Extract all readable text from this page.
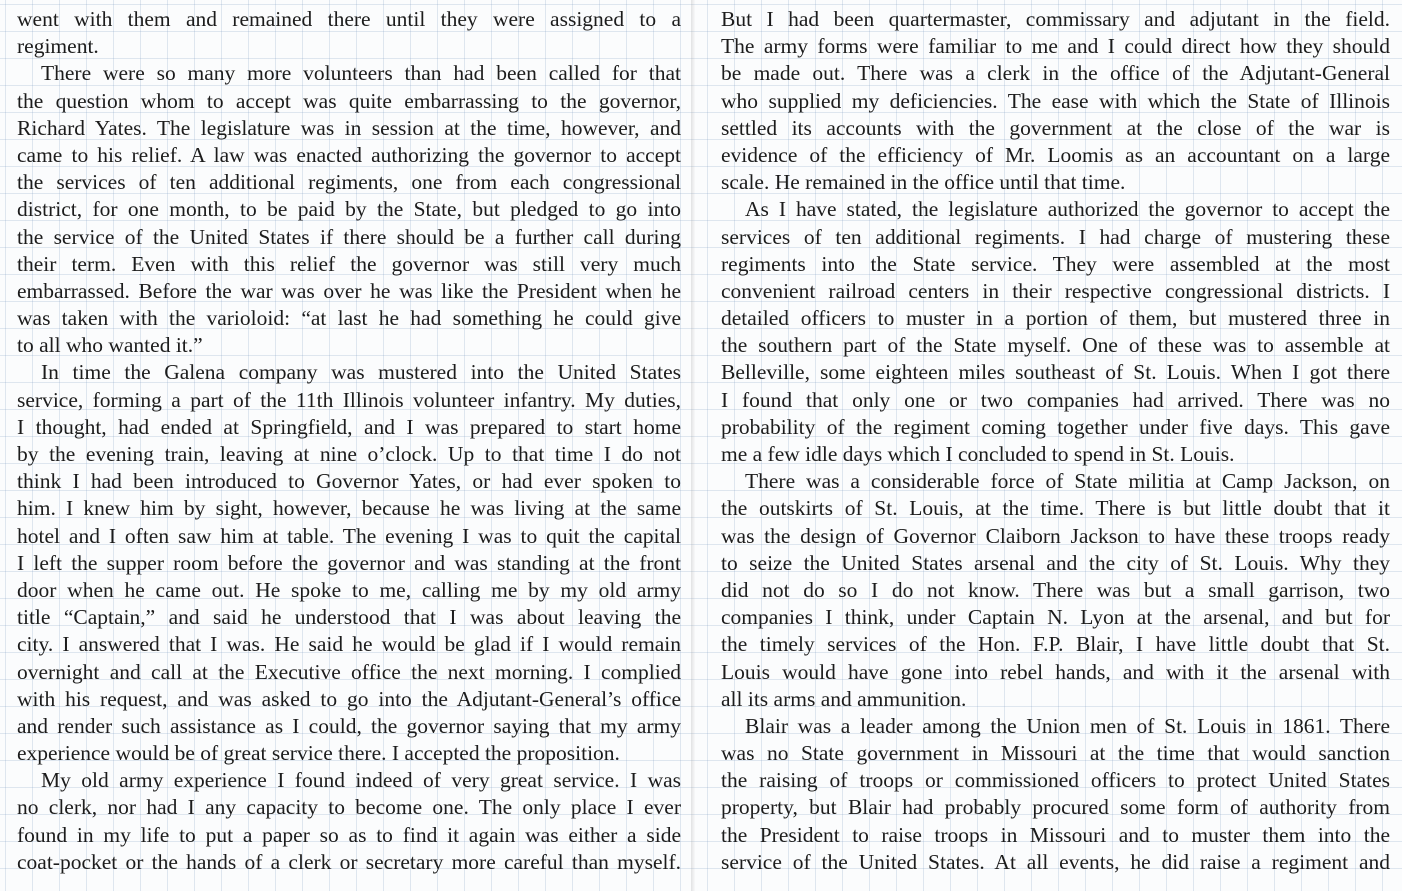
went with them and remained there until they were assigned to a
regiment.
There were so many more volunteers than had been called for that
the question whom to accept was quite embarrassing to the governor,
Richard Yates. The legislature was in session at the time, however, and
came to his relief. A law was enacted authorizing the governor to accept
the services of ten additional regiments, one from each congressional
district, for one month, to be paid by the State, but pledged to go into
the service of the United States if there should be a further call during
their term. Even with this relief the governor was still very much
embarrassed. Before the war was over he was like the President when he
was taken with the varioloid: “at last he had something he could give
to all who wanted it.”
In time the Galena company was mustered into the United States
service, forming a part of the 11th Illinois volunteer infantry. My duties,
I thought, had ended at Springfield, and I was prepared to start home
by the evening train, leaving at nine o’clock. Up to that time I do not
think I had been introduced to Governor Yates, or had ever spoken to
him. I knew him by sight, however, because he was living at the same
hotel and I often saw him at table. The evening I was to quit the capital
I left the supper room before the governor and was standing at the front
door when he came out. He spoke to me, calling me by my old army
title “Captain,” and said he understood that I was about leaving the
city. I answered that I was. He said he would be glad if I would remain
overnight and call at the Executive office the next morning. I complied
with his request, and was asked to go into the Adjutant-General’s office
and render such assistance as I could, the governor saying that my army
experience would be of great service there. I accepted the proposition.
My old army experience I found indeed of very great service. I was
no clerk, nor had I any capacity to become one. The only place I ever
found in my life to put a paper so as to find it again was either a side
coat-pocket or the hands of a clerk or secretary more careful than myself.
But I had been quartermaster, commissary and adjutant in the field.
The army forms were familiar to me and I could direct how they should
be made out. There was a clerk in the office of the Adjutant-General
who supplied my deficiencies. The ease with which the State of Illinois
settled its accounts with the government at the close of the war is
evidence of the efficiency of Mr. Loomis as an accountant on a large
scale. He remained in the office until that time.
As I have stated, the legislature authorized the governor to accept the
services of ten additional regiments. I had charge of mustering these
regiments into the State service. They were assembled at the most
convenient railroad centers in their respective congressional districts. I
detailed officers to muster in a portion of them, but mustered three in
the southern part of the State myself. One of these was to assemble at
Belleville, some eighteen miles southeast of St. Louis. When I got there
I found that only one or two companies had arrived. There was no
probability of the regiment coming together under five days. This gave
me a few idle days which I concluded to spend in St. Louis.
There was a considerable force of State militia at Camp Jackson, on
the outskirts of St. Louis, at the time. There is but little doubt that it
was the design of Governor Claiborn Jackson to have these troops ready
to seize the United States arsenal and the city of St. Louis. Why they
did not do so I do not know. There was but a small garrison, two
companies I think, under Captain N. Lyon at the arsenal, and but for
the timely services of the Hon. F.P. Blair, I have little doubt that St.
Louis would have gone into rebel hands, and with it the arsenal with
all its arms and ammunition.
Blair was a leader among the Union men of St. Louis in 1861. There
was no State government in Missouri at the time that would sanction
the raising of troops or commissioned officers to protect United States
property, but Blair had probably procured some form of authority from
the President to raise troops in Missouri and to muster them into the
service of the United States. At all events, he did raise a regiment and
